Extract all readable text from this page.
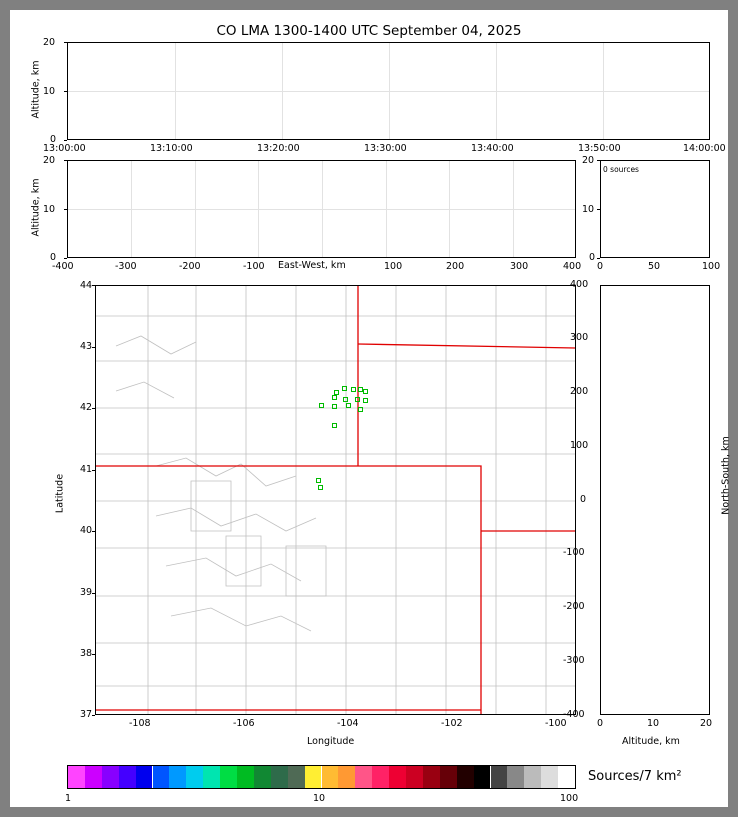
CO LMA 1300-1400 UTC September 04, 2025
0
10
20
13:00:00	13:10:00	13:20:00	13:30:00	13:40:00	13:50:00	14:00:00
Altitude, km
0
10
20
-400	-300	-200	-100	100	200	300	400
Altitude, km
East-West, km
0 sources
0
10
20
0	50	100
37
38
39
40
41
42
43
44
-108	-106	-104	-102	-100
Latitude
Longitude
-400
-300
-200
-100
0
100
200
300
400
0	10	20
North-South, km
Altitude, km
Sources/7 km²
1	10	100
